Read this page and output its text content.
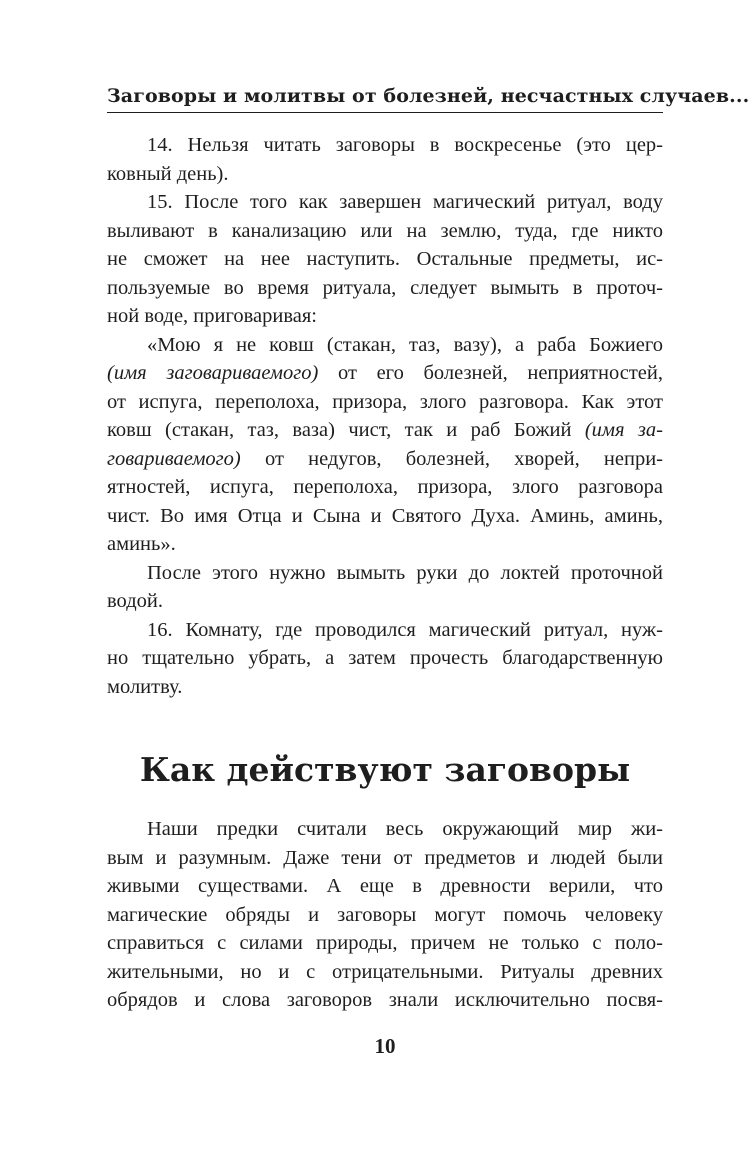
Заговоры и молитвы от болезней, несчастных случаев...
14. Нельзя читать заговоры в воскресенье (это цер-
ковный день).
15. После того как завершен магический ритуал, воду
выливают в канализацию или на землю, туда, где никто
не сможет на нее наступить. Остальные предметы, ис-
пользуемые во время ритуала, следует вымыть в проточ-
ной воде, приговаривая:
«Мою я не ковш (стакан, таз, вазу), а раба Божиего
(имя заговариваемого) от его болезней, неприятностей,
от испуга, переполоха, призора, злого разговора. Как этот
ковш (стакан, таз, ваза) чист, так и раб Божий (имя за-
говариваемого) от недугов, болезней, хворей, непри-
ятностей, испуга, переполоха, призора, злого разговора
чист. Во имя Отца и Сына и Святого Духа. Аминь, аминь,
аминь».
После этого нужно вымыть руки до локтей проточной
водой.
16. Комнату, где проводился магический ритуал, нуж-
но тщательно убрать, а затем прочесть благодарственную
молитву.
Как действуют заговоры
Наши предки считали весь окружающий мир жи-
вым и разумным. Даже тени от предметов и людей были
живыми существами. А еще в древности верили, что
магические обряды и заговоры могут помочь человеку
справиться с силами природы, причем не только с поло-
жительными, но и с отрицательными. Ритуалы древних
обрядов и слова заговоров знали исключительно посвя-
10
